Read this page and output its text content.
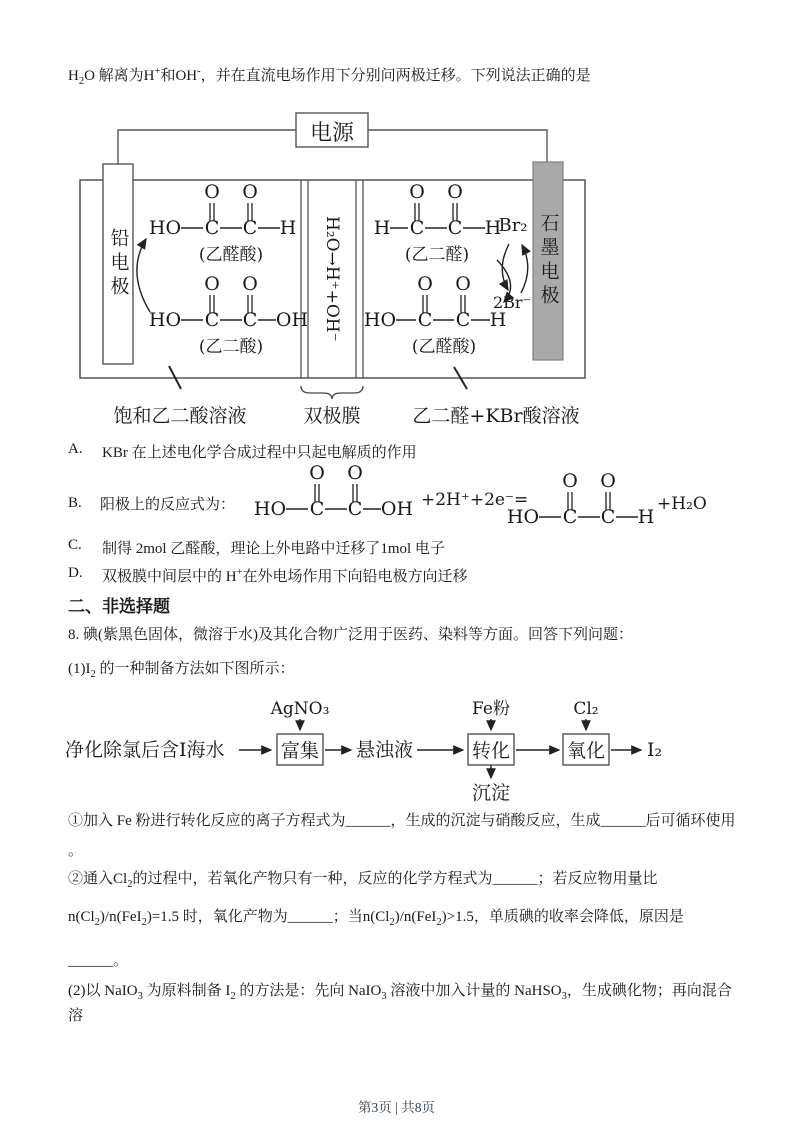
$H_2O$ 解离为H+和OH-，并在直流电场作用下分别问两极迁移。下列说法正确的是
电源
O O
HO C C H
(乙醛酸)
O O
HO C C OH
(乙二酸)
O O
H C C H
(乙二醛)
O O
HO C C H
(乙醛酸)
Br₂
2Br⁻
饱和乙二酸溶液	双极膜	乙二醛+KBr酸溶液
铅电极	石墨电极
H₂O→H⁺+OH⁻
A.	KBr 在上述电化学合成过程中只起电解质的作用
B.	阳极上的反应式为：
O O
HO C C OH +2H⁺+2e⁻=
O O
HO C C H
+H₂O
C.	制得 2mol 乙醛酸，理论上外电路中迁移了1mol 电子
D.	双极膜中间层中的 H+在外电场作用下向铅电极方向迁移
二、非选择题
8. 碘(紫黑色固体，微溶于水)及其化合物广泛用于医药、染料等方面。回答下列问题：
$(1)I_2$ 的一种制备方法如下图所示：
净化除氯后含I海水	富集 悬浊液	转化	氧化 I₂
AgNO₃	Fe粉	Cl₂
沉淀
①加入 Fe 粉进行转化反应的离子方程式为______，生成的沉淀与硝酸反应，生成______后可循环使用
。
②通入$Cl_2$的过程中，若氧化产物只有一种，反应的化学方程式为______；若反应物用量比
$n(Cl_2)/n(FeI_2)=1.5$ 时，氧化产物为______；当$n(Cl_2)/n(FeI_2)>1.5$，单质碘的收率会降低，原因是
______。
(2)以 NaIO$_3$ 为原料制备 $I_2$ 的方法是：先向 NaIO$_3$ 溶液中加入计量的 NaHSO$_3$，生成碘化物；再向混合溶
第3页 | 共8页
